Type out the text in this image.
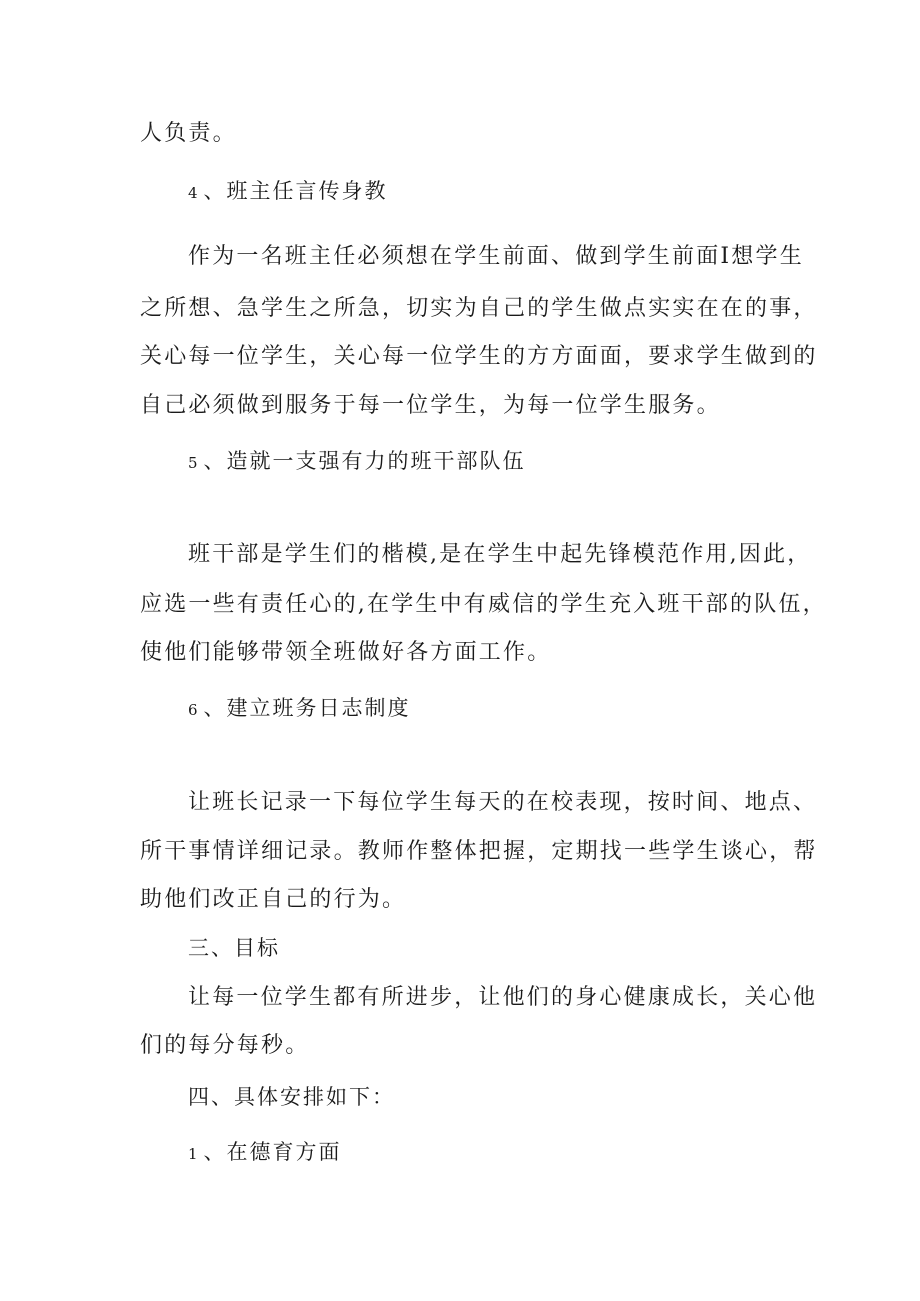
人负责。
4 、班主任言传身教
作为一名班主任必须想在学生前面、做到学生前面I想学生
之所想、急学生之所急，切实为自己的学生做点实实在在的事，
关心每一位学生，关心每一位学生的方方面面，要求学生做到的
自己必须做到服务于每一位学生，为每一位学生服务。
5 、造就一支强有力的班干部队伍
班干部是学生们的楷模,是在学生中起先锋模范作用,因此，
应选一些有责任心的,在学生中有威信的学生充入班干部的队伍，
使他们能够带领全班做好各方面工作。
6 、建立班务日志制度
让班长记录一下每位学生每天的在校表现，按时间、地点、
所干事情详细记录。教师作整体把握，定期找一些学生谈心，帮
助他们改正自己的行为。
三、目标
让每一位学生都有所进步，让他们的身心健康成长，关心他
们的每分每秒。
四、具体安排如下：
1 、在德育方面
